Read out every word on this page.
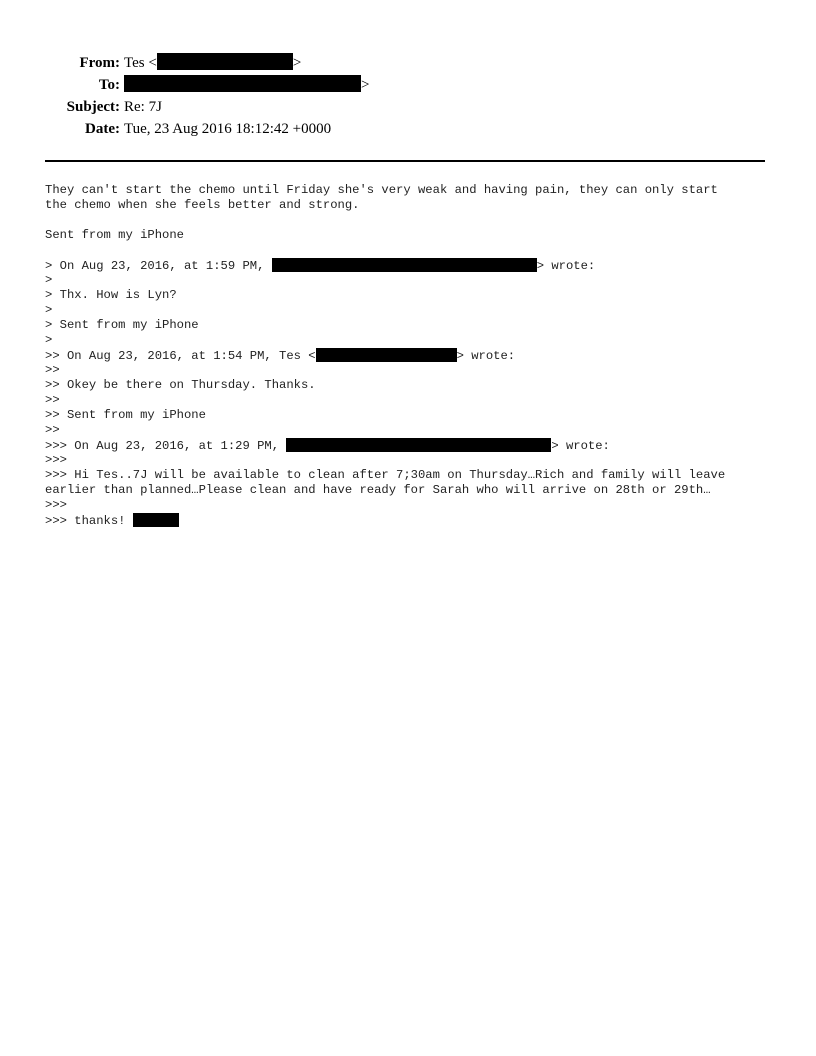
From: Tes <	>
To:	>
Subject: Re: 7J
Date: Tue, 23 Aug 2016 18:12:42 +0000
They can't start the chemo until Friday she's very weak and having pain, they can only start
the chemo when she feels better and strong.
Sent from my iPhone
> On Aug 23, 2016, at 1:59 PM,	> wrote:
>
> Thx. How is Lyn?
>
> Sent from my iPhone
>
>> On Aug 23, 2016, at 1:54 PM, Tes <	> wrote:
>>
>> Okey be there on Thursday. Thanks.
>>
>> Sent from my iPhone
>>
>>> On Aug 23, 2016, at 1:29 PM,	> wrote:
>>>
>>> Hi Tes..7J will be available to clean after 7;30am on Thursday…Rich and family will leave
earlier than planned…Please clean and have ready for Sarah who will arrive on 28th or 29th…
>>>
>>> thanks!
